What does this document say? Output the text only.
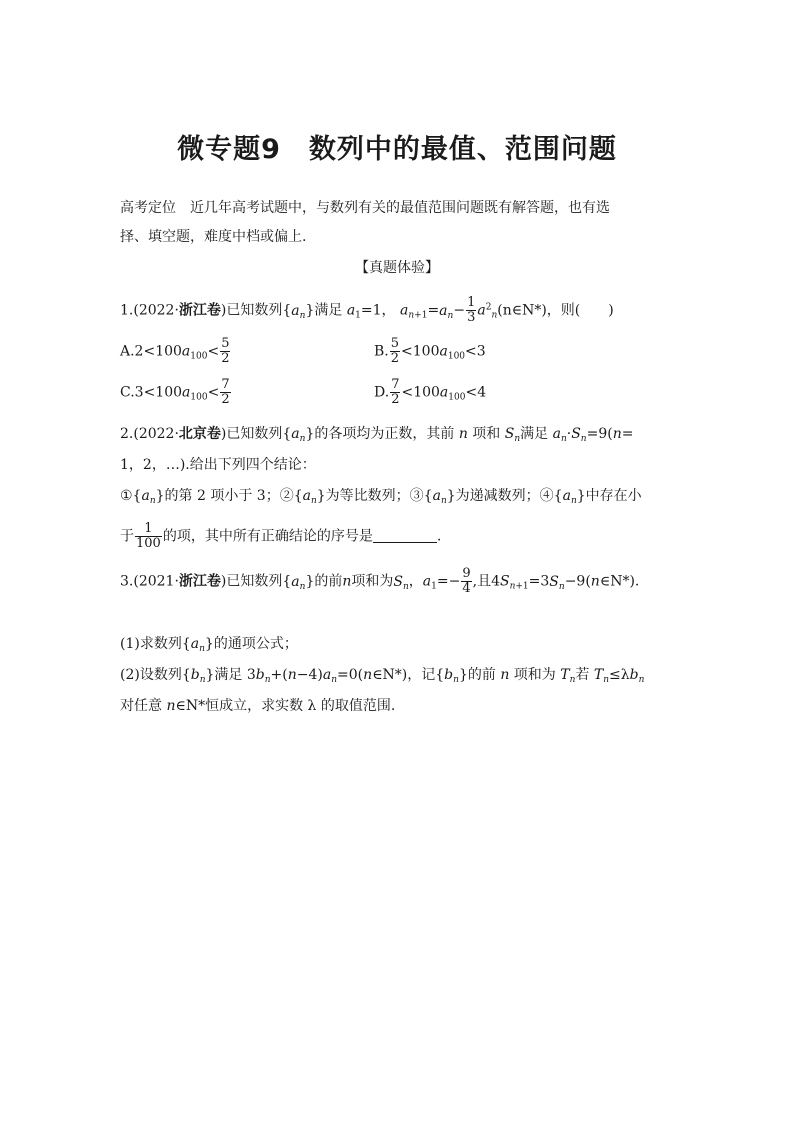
微专题9　数列中的最值、范围问题
高考定位　 近几年高考试题中，与数列有关的最值范围问题既有解答题，也有选
择、填空题，难度中档或偏上.
【真题体验】
1.(2022·浙江卷)已知数列$\{a_n\}$满足 $a_1=1$， $a_{n+1}=a_n- \frac{1}{3}$ $a^2_n(n\in N*)$，则(　　)
$A.2<100a_{100}< \frac{5}{2}$	B. $\frac{5}{2} <100a_{100}<3$
$C.3<100a_{100}< \frac{7}{2}$	D. $\frac{7}{2} <100a_{100}<4$
2.(2022·北京卷)已知数列$\{a_n\}$的各项均为正数，其前 n 项和 $S_n$满足 $a_n\cdot S_n=9(n=$
1，2，…).给出下列四个结论：
$①\{a_n\}$的第 2 项小于 3；$②\{a_n\}$为等比数列；$③\{a_n\}$为递减数列；$④\{a_n\}$中存在小
于 $\frac{1}{100}$ 的项，其中所有正确结论的序号是	.
3.(2021·浙江卷)已知数列$\{a_n\}$的前n项和为$S_n$，$a_1=- \frac{9}{4}$ ,且$4S_{n+1}=3S_n-9(n\in N*)$.
(1)求数列$\{a_n\}$的通项公式；
(2)设数列$\{b_n\}$满足 $3b_n+(n-4)a_n=0(n\in N*)$，记$\{b_n\}$的前 n 项和为 $T_n$若 $T_n\le\lambda b_n$
对任意 n∈N*恒成立，求实数 λ 的取值范围.
